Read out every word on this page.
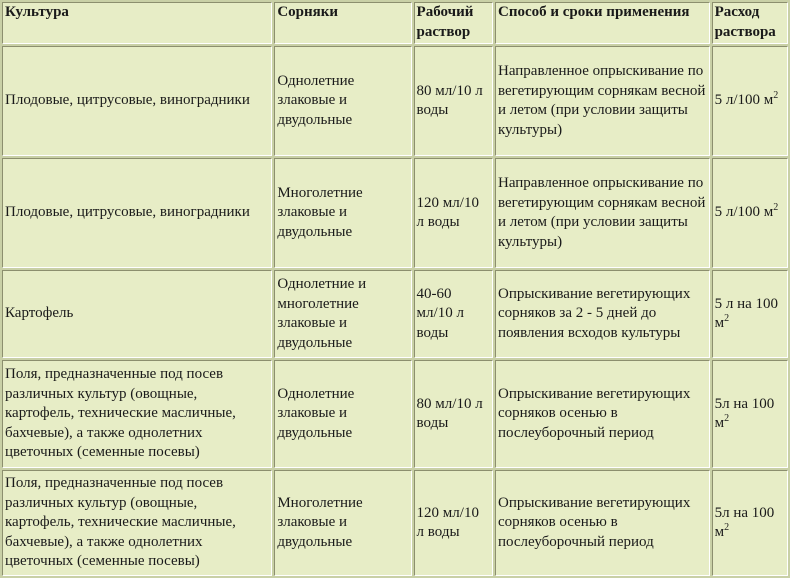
Культура	Сорняки	Рабочий раствор	Способ и сроки применения	Расход раствора
Плодовые, цитрусовые, виноградники	Однолетние злаковые и двудольные	80 мл/10 л воды	Направленное опрыскивание по вегетирующим сорнякам весной и летом (при условии защиты культуры)	5 л/100 $м^2$
Плодовые, цитрусовые, виноградники	Многолетние злаковые и двудольные	120 мл/10 л воды	Направленное опрыскивание по вегетирующим сорнякам весной и летом (при условии защиты культуры)	5 л/100 $м^2$
Картофель	Однолетние и многолетние злаковые и двудольные	40-60 мл/10 л воды	Опрыскивание вегетирующих сорняков за 2 - 5 дней до появления всходов культуры	5 л на 100 $м^2$
Поля, предназначенные под посев различных культур (овощные, картофель, технические масличные, бахчевые), а также однолетних цветочных (семенные посевы)	Однолетние злаковые и двудольные	80 мл/10 л воды	Опрыскивание вегетирующих сорняков осенью в послеуборочный период	5л на 100 $м^2$
Поля, предназначенные под посев различных культур (овощные, картофель, технические масличные, бахчевые), а также однолетних цветочных (семенные посевы)	Многолетние злаковые и двудольные	120 мл/10 л воды	Опрыскивание вегетирующих сорняков осенью в послеуборочный период	5л на 100 $м^2$
